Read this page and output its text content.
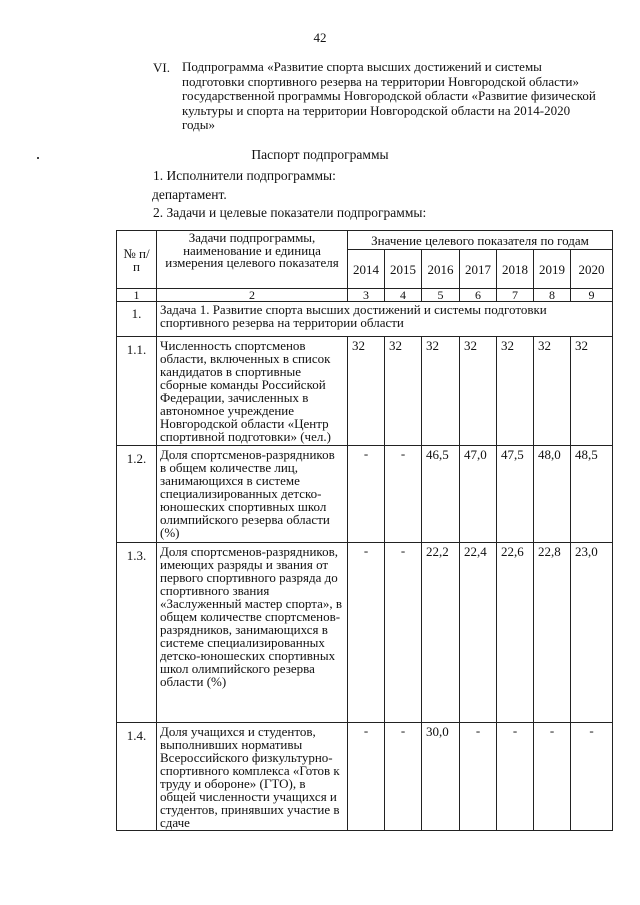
42
VI. Подпрограмма «Развитие спорта высших достижений и системы подготовки спортивного резерва на территории Новгородской области» государственной программы Новгородской области «Развитие физической культуры и спорта на территории Новгородской области на 2014-2020 годы»
Паспорт подпрограммы
1. Исполнители подпрограммы:
департамент.
2. Задачи и целевые показатели подпрограммы:
№ п/п	Задачи подпрограммы, наименование и единица измерения целевого показателя	Значение целевого показателя по годам						
		2014	2015	2016	2017	2018	2019	2020
1	2	3	4	5	6	7	8	9
1.	Задача 1. Развитие спорта высших достижений и системы подготовки спортивного резерва на территории области							
1.1.	Численность спортсменов области, включенных в список кандидатов в спортивные сборные команды Российской Федерации, зачисленных в автономное учреждение Новгородской области «Центр спортивной подготовки» (чел.)	32	32	32	32	32	32	32
1.2.	Доля спортсменов-разрядников в общем количестве лиц, занимающихся в системе специализированных детско-юношеских спортивных школ олимпийского резерва области (%)	-	-	46,5	47,0	47,5	48,0	48,5
1.3.	Доля спортсменов-разрядников, имеющих разряды и звания от первого спортивного разряда до спортивного звания «Заслуженный мастер спорта», в общем количестве спортсменов-разрядников, занимающихся в системе специализированных детско-юношеских спортивных школ олимпийского резерва области (%)	-	-	22,2	22,4	22,6	22,8	23,0
1.4.	Доля учащихся и студентов, выполнивших нормативы Всероссийского физкультурно-спортивного комплекса «Готов к труду и обороне» (ГТО), в общей численности учащихся и студентов, принявших участие в сдаче	-	-	30,0	-	-	-	-
